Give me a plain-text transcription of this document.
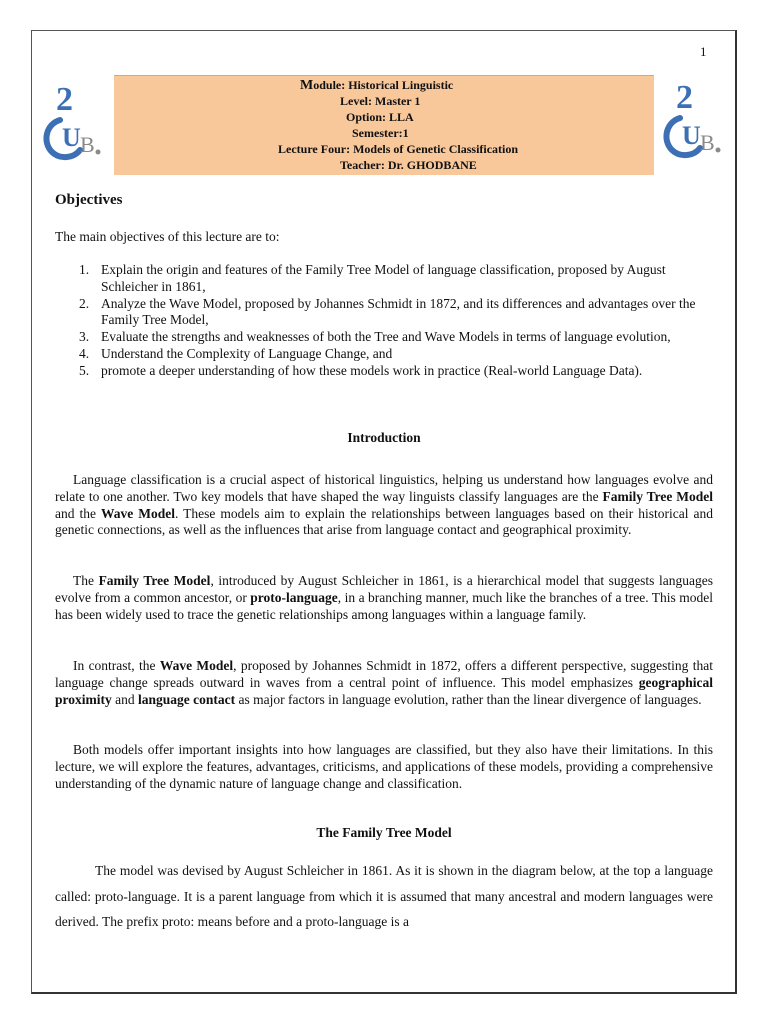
1
2
U B
2
U B
Module: Historical Linguistic
Level: Master 1
Option: LLA
Semester:1
Lecture Four: Models of Genetic Classification
Teacher: Dr. GHODBANE
Objectives
The main objectives of this lecture are to:
1. Explain the origin and features of the Family Tree Model of language classification, proposed by August Schleicher in 1861,
2. Analyze the Wave Model, proposed by Johannes Schmidt in 1872, and its differences and advantages over the Family Tree Model,
3. Evaluate the strengths and weaknesses of both the Tree and Wave Models in terms of language evolution,
4. Understand the Complexity of Language Change, and
5. promote a deeper understanding of how these models work in practice (Real-world Language Data).
Introduction

Language classification is a crucial aspect of historical linguistics, helping us understand how languages evolve and relate to one another. Two key models that have shaped the way linguists classify languages are the Family Tree Model and the Wave Model. These models aim to explain the relationships between languages based on their historical and genetic connections, as well as the influences that arise from language contact and geographical proximity.

The Family Tree Model, introduced by August Schleicher in 1861, is a hierarchical model that suggests languages evolve from a common ancestor, or proto-language, in a branching manner, much like the branches of a tree. This model has been widely used to trace the genetic relationships among languages within a language family.

In contrast, the Wave Model, proposed by Johannes Schmidt in 1872, offers a different perspective, suggesting that language change spreads outward in waves from a central point of influence. This model emphasizes geographical proximity and language contact as major factors in language evolution, rather than the linear divergence of languages.

Both models offer important insights into how languages are classified, but they also have their limitations. In this lecture, we will explore the features, advantages, criticisms, and applications of these models, providing a comprehensive understanding of the dynamic nature of language change and classification.

The Family Tree Model

The model was devised by August Schleicher in 1861. As it is shown in the diagram below, at the top a language called: proto-language. It is a parent language from which it is assumed that many ancestral and modern languages were derived. The prefix proto: means before and a proto-language is a
